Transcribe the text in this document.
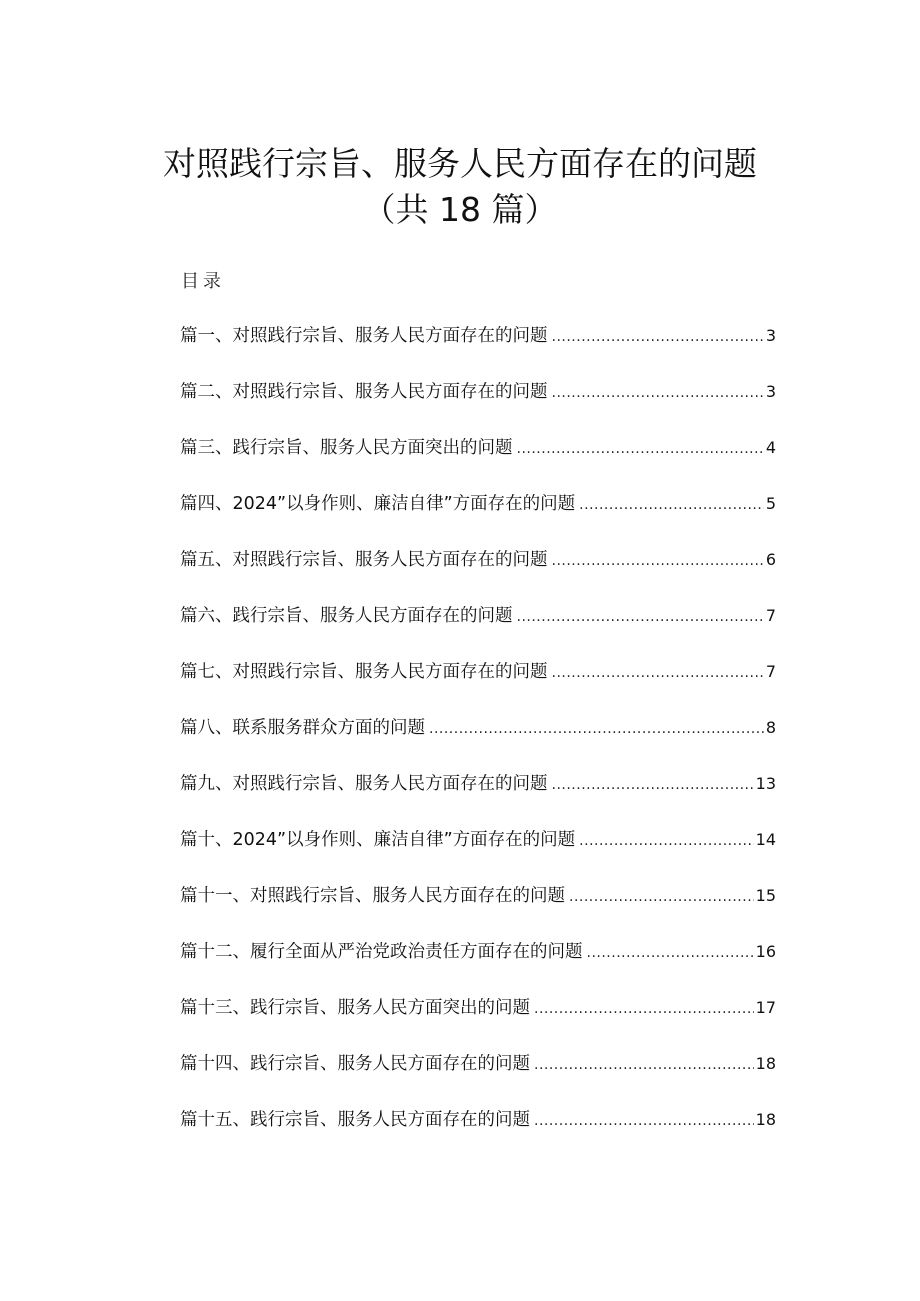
对照践行宗旨、服务人民方面存在的问题
（共 18 篇）
目录
篇一、对照践行宗旨、服务人民方面存在的问题 .....	3
篇二、对照践行宗旨、服务人民方面存在的问题 .....	3
篇三、践行宗旨、服务人民方面突出的问题 .....	4
篇四、2024”以身作则、廉洁自律”方面存在的问题 .....	5
篇五、对照践行宗旨、服务人民方面存在的问题 .....	6
篇六、践行宗旨、服务人民方面存在的问题 .....	7
篇七、对照践行宗旨、服务人民方面存在的问题 .....	7
篇八、联系服务群众方面的问题 .....	8
篇九、对照践行宗旨、服务人民方面存在的问题 .....	13
篇十、2024”以身作则、廉洁自律”方面存在的问题 .....	14
篇十一、对照践行宗旨、服务人民方面存在的问题 .....	15
篇十二、履行全面从严治党政治责任方面存在的问题 .....	16
篇十三、践行宗旨、服务人民方面突出的问题 .....	17
篇十四、践行宗旨、服务人民方面存在的问题 .....	18
篇十五、践行宗旨、服务人民方面存在的问题 .....	18
